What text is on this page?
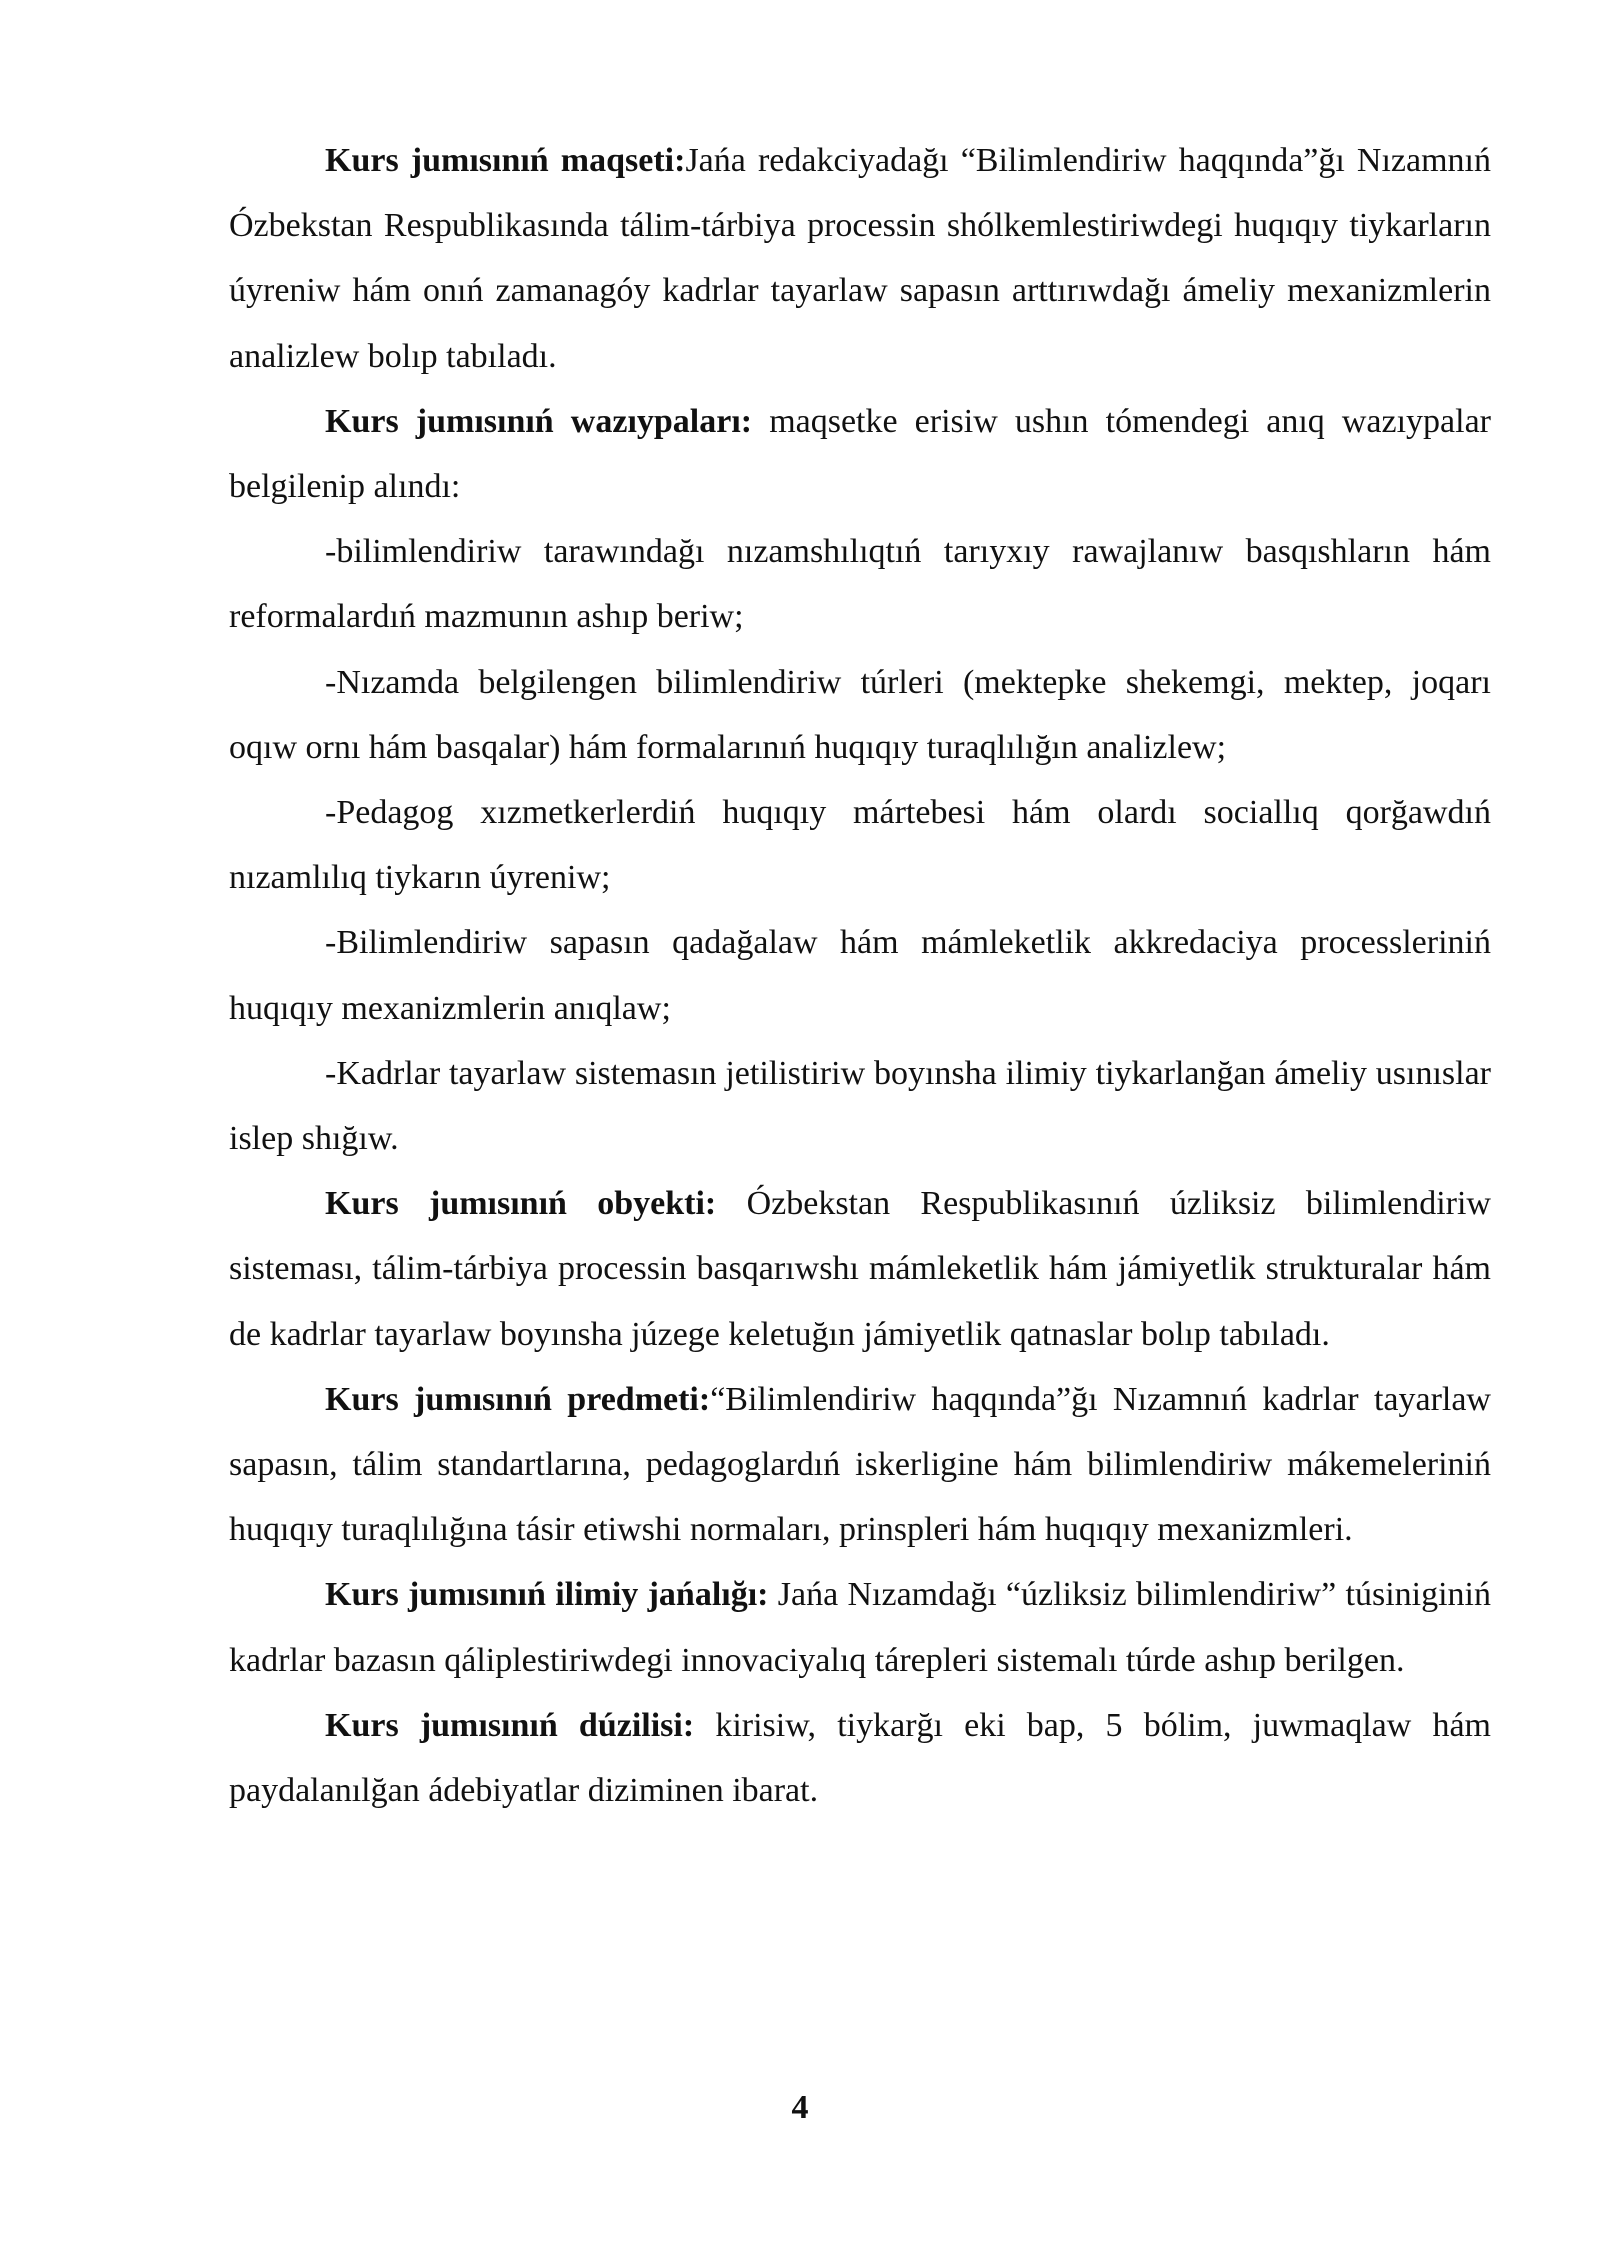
Kurs jumısınıń maqseti:Jańa redakciyadağı “Bilimlendiriw haqqında”ğı Nızamnıń Ózbekstan Respublikasında tálim-tárbiya processin shólkemlestiriwdegi huqıqıy tiykarların úyreniw hám onıń zamanagóy kadrlar tayarlaw sapasın arttırıwdağı ámeliy mexanizmlerin analizlew bolıp tabıladı.

Kurs jumısınıń wazıypaları: maqsetke erisiw ushın tómendegi anıq wazıypalar belgilenip alındı:

-bilimlendiriw tarawındağı nızamshılıqtıń tarıyxıy rawajlanıw basqıshların hám reformalardıń mazmunın ashıp beriw;

-Nızamda belgilengen bilimlendiriw túrleri (mektepke shekemgi, mektep, joqarı oqıw ornı hám basqalar) hám formalarınıń huqıqıy turaqlılığın analizlew;

-Pedagog xızmetkerlerdiń huqıqıy mártebesi hám olardı sociallıq qorğawdıń nızamlılıq tiykarın úyreniw;

-Bilimlendiriw sapasın qadağalaw hám mámleketlik akkredaciya processleriniń huqıqıy mexanizmlerin anıqlaw;

-Kadrlar tayarlaw sistemasın jetilistiriw boyınsha ilimiy tiykarlanğan ámeliy usınıslar islep shığıw.

Kurs jumısınıń obyekti: Ózbekstan Respublikasınıń úzliksiz bilimlendiriw sisteması, tálim-tárbiya processin basqarıwshı mámleketlik hám jámiyetlik strukturalar hám de kadrlar tayarlaw boyınsha júzege keletuğın jámiyetlik qatnaslar bolıp tabıladı.

Kurs jumısınıń predmeti:“Bilimlendiriw haqqında”ğı Nızamnıń kadrlar tayarlaw sapasın, tálim standartlarına, pedagoglardıń iskerligine hám bilimlendiriw mákemeleriniń huqıqıy turaqlılığına tásir etiwshi normaları, prinspleri hám huqıqıy mexanizmleri.

Kurs jumısınıń ilimiy jańalığı: Jańa Nızamdağı “úzliksiz bilimlendiriw” túsiniginiń kadrlar bazasın qáliplestiriwdegi innovaciyalıq tárepleri sistemalı túrde ashıp berilgen.

Kurs jumısınıń dúzilisi: kirisiw, tiykarğı eki bap, 5 bólim, juwmaqlaw hám paydalanılğan ádebiyatlar diziminen ibarat.

4
